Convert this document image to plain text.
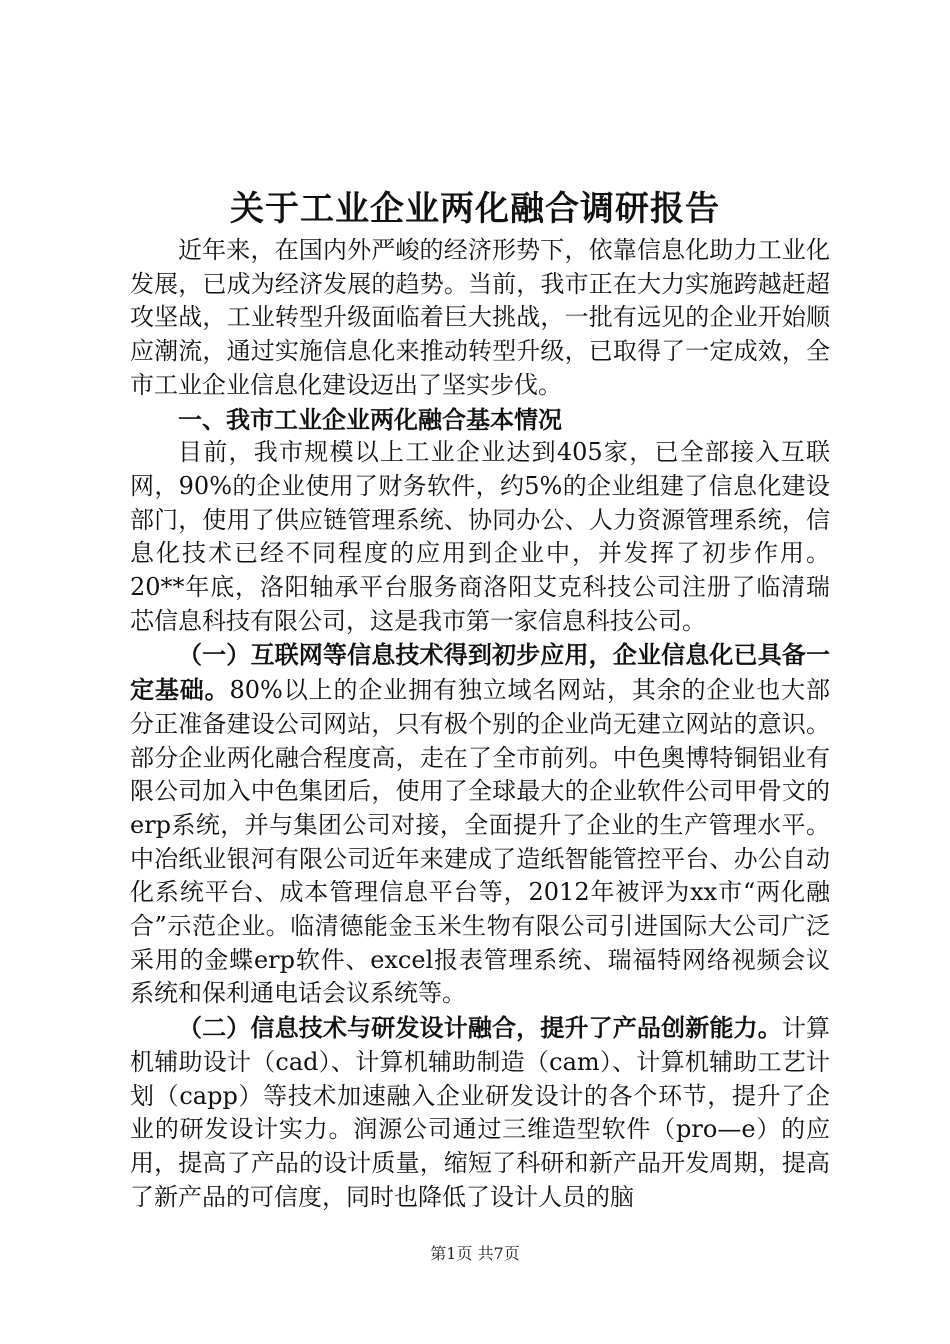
关于工业企业两化融合调研报告

近年来，在国内外严峻的经济形势下，依靠信息化助力工业化发展，已成为经济发展的趋势。当前，我市正在大力实施跨越赶超攻坚战，工业转型升级面临着巨大挑战，一批有远见的企业开始顺应潮流，通过实施信息化来推动转型升级，已取得了一定成效，全市工业企业信息化建设迈出了坚实步伐。

一、我市工业企业两化融合基本情况

目前，我市规模以上工业企业达到405家，已全部接入互联网，90%的企业使用了财务软件，约5%的企业组建了信息化建设部门，使用了供应链管理系统、协同办公、人力资源管理系统，信息化技术已经不同程度的应用到企业中，并发挥了初步作用。20**年底，洛阳轴承平台服务商洛阳艾克科技公司注册了临清瑞芯信息科技有限公司，这是我市第一家信息科技公司。

（一）互联网等信息技术得到初步应用，企业信息化已具备一定基础。80%以上的企业拥有独立域名网站，其余的企业也大部分正准备建设公司网站，只有极个别的企业尚无建立网站的意识。部分企业两化融合程度高，走在了全市前列。中色奥博特铜铝业有限公司加入中色集团后，使用了全球最大的企业软件公司甲骨文的erp系统，并与集团公司对接，全面提升了企业的生产管理水平。中冶纸业银河有限公司近年来建成了造纸智能管控平台、办公自动化系统平台、成本管理信息平台等，2012年被评为xx市“两化融合”示范企业。临清德能金玉米生物有限公司引进国际大公司广泛采用的金蝶erp软件、excel报表管理系统、瑞福特网络视频会议系统和保利通电话会议系统等。

（二）信息技术与研发设计融合，提升了产品创新能力。计算机辅助设计（cad）、计算机辅助制造（cam）、计算机辅助工艺计划（capp）等技术加速融入企业研发设计的各个环节，提升了企业的研发设计实力。润源公司通过三维造型软件（pro—e）的应用，提高了产品的设计质量，缩短了科研和新产品开发周期，提高了新产品的可信度，同时也降低了设计人员的脑

第1页 共7页
